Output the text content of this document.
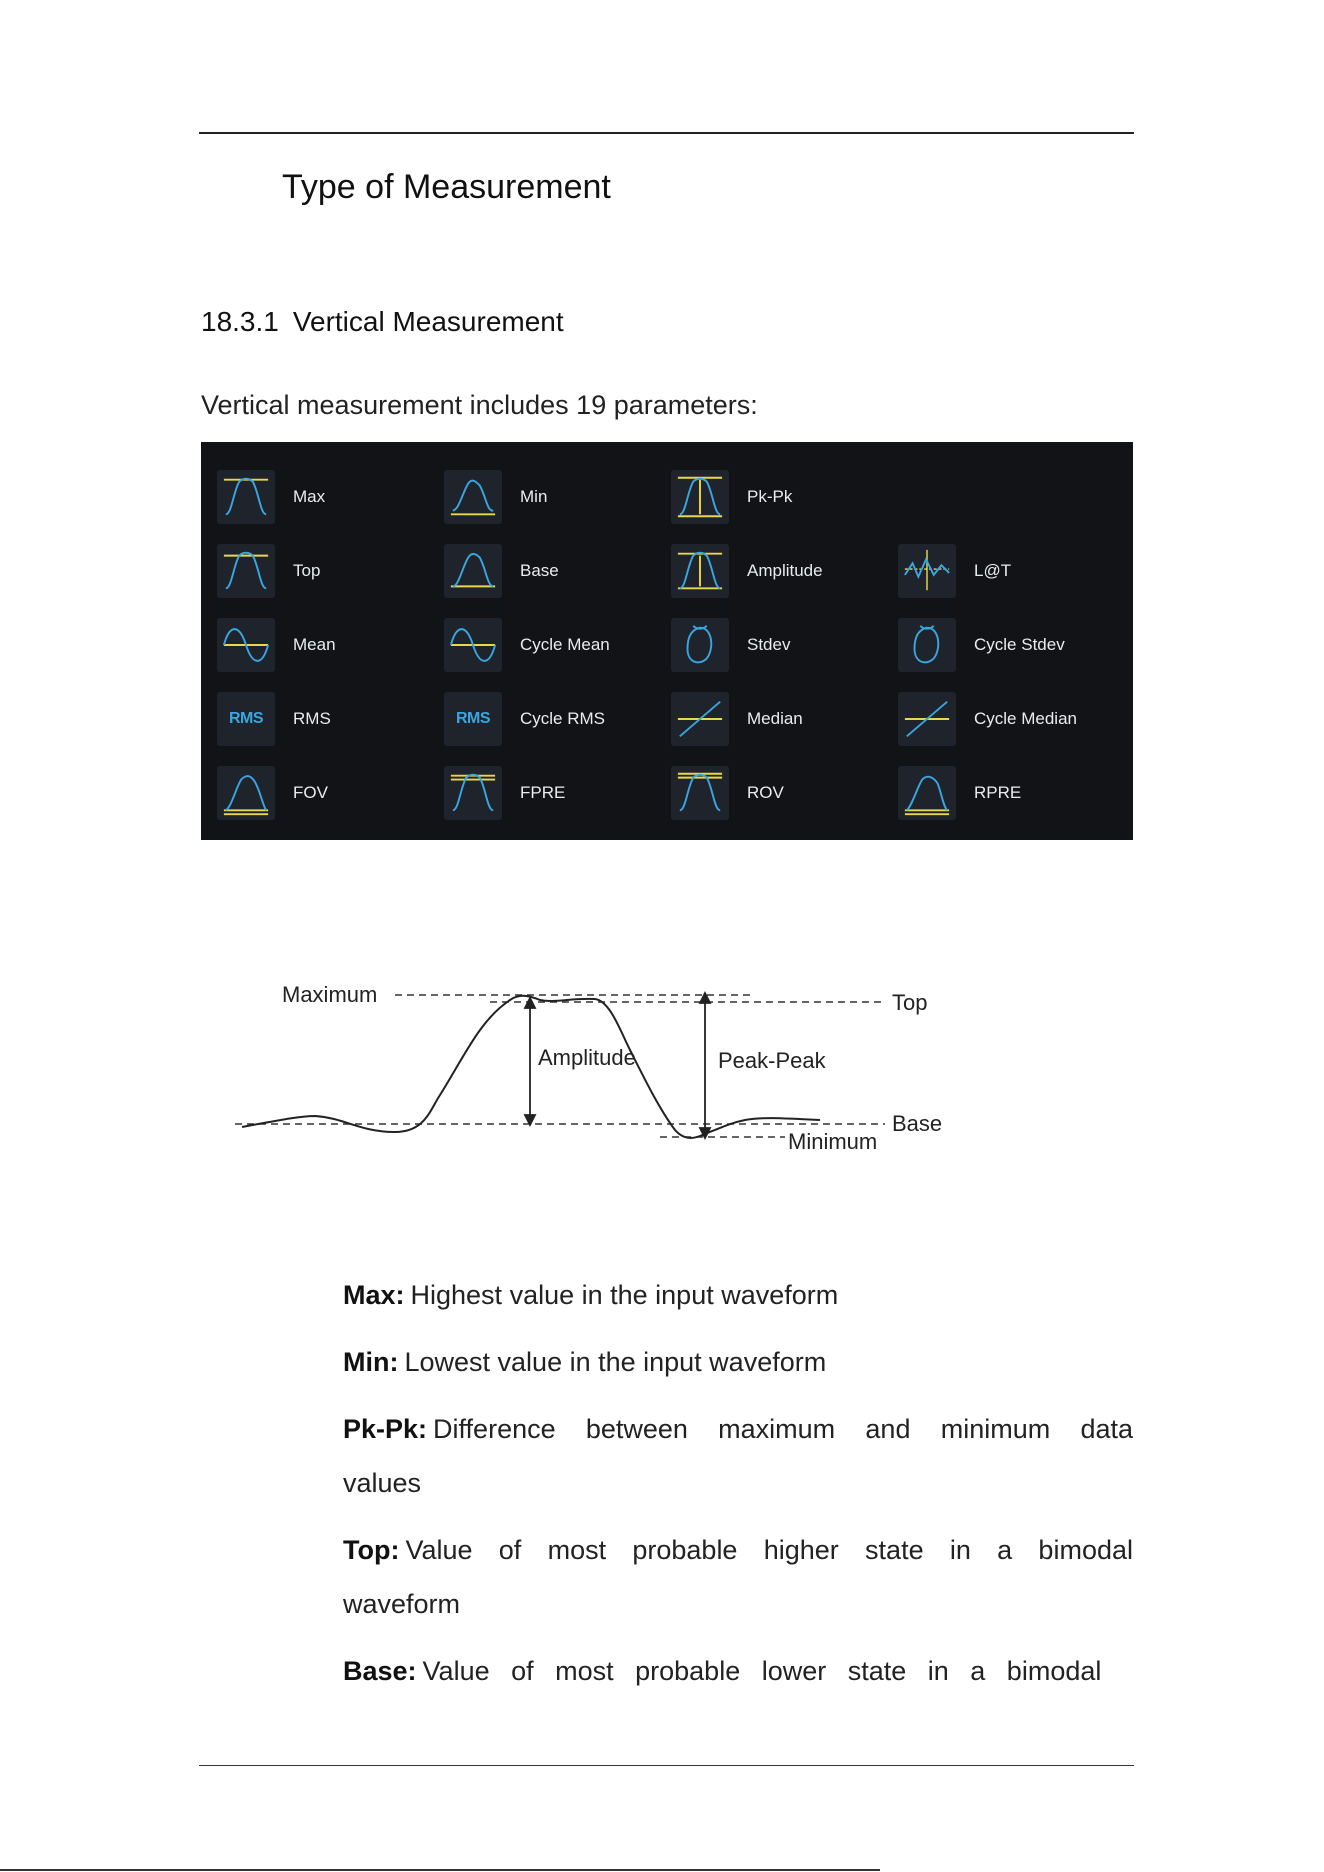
Type of Measurement
18.3.1 Vertical Measurement
Vertical measurement includes 19 parameters:
Max	Min	Pk-Pk
Top	Base	Amplitude	L@T
Mean	Cycle Mean	Stdev	Cycle Stdev
RMS RMS	RMS Cycle RMS	Median	Cycle Median
FOV	FPRE	ROV	RPRE
Maximum	Top
Amplitude	Peak-Peak
Base
Minimum

Max: Highest value in the input waveform

Min: Lowest value in the input waveform

Pk-Pk: Difference between maximum and minimum data values

Top: Value of most probable higher state in a bimodal waveform

Base: Value of most probable lower state in a bimodal
